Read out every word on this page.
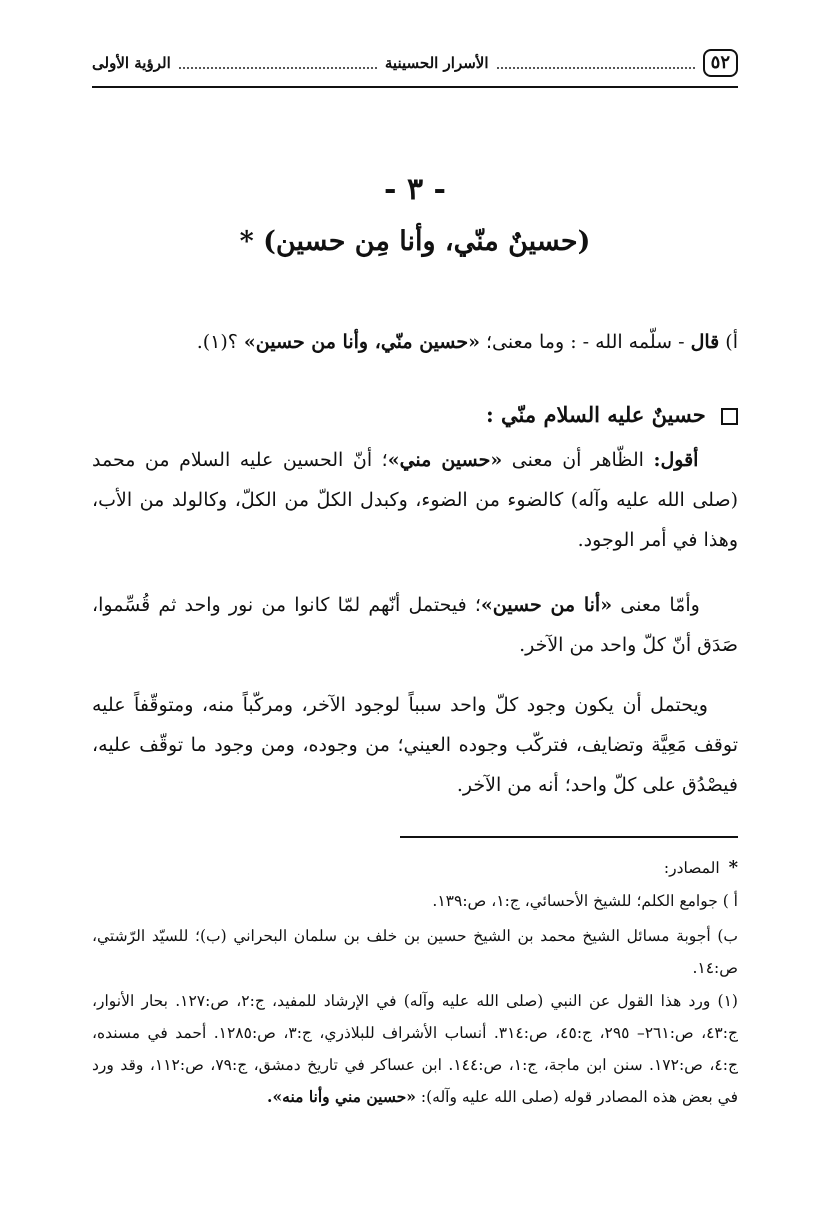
٥٢
الأسرار الحسينية
الرؤية الأولى
- ٣ -
(حسينٌ منّي، وأنا مِن حسين) *
أ) قال - سلّمه الله - : وما معنى؛ «حسين منّي، وأنا من حسين» ؟(١).
حسينٌ عليه السلام منّي :
أقول: الظّاهر أن معنى «حسين مني»؛ أنّ الحسين عليه السلام من محمد (صلى الله عليه وآله) كالضوء من الضوء، وكبدل الكلّ من الكلّ، وكالولد من الأب، وهذا في أمر الوجود.
وأمّا معنى «أنا من حسين»؛ فيحتمل أنّهم لمّا كانوا من نور واحد ثم قُسِّموا، صَدَق أنّ كلّ واحد من الآخر.
ويحتمل أن يكون وجود كلّ واحد سبباً لوجود الآخر، ومركّباً منه، ومتوقّفاً عليه توقف مَعِيَّة وتضايف، فتركّب وجوده العيني؛ من وجوده، ومن وجود ما توقّف عليه، فيصْدُق على كلّ واحد؛ أنه من الآخر.
* المصادر:
أ ) جوامع الكلم؛ للشيخ الأحسائي، ج:١، ص:١٣٩.
ب) أجوبة مسائل الشيخ محمد بن الشيخ حسين بن خلف بن سلمان البحراني (ب)؛ للسيّد الرّشتي، ص:١٤.
(١) ورد هذا القول عن النبي (صلى الله عليه وآله) في الإرشاد للمفيد، ج:٢، ص:١٢٧. بحار الأنوار، ج:٤٣، ص:٢٦١– ٢٩٥، ج:٤٥، ص:٣١٤. أنساب الأشراف للبلاذري، ج:٣، ص:١٢٨٥. أحمد في مسنده، ج:٤، ص:١٧٢. سنن ابن ماجة، ج:١، ص:١٤٤. ابن عساكر في تاريخ دمشق، ج:٧٩، ص:١١٢، وقد ورد في بعض هذه المصادر قوله (صلى الله عليه وآله): «حسين مني وأنا منه».
